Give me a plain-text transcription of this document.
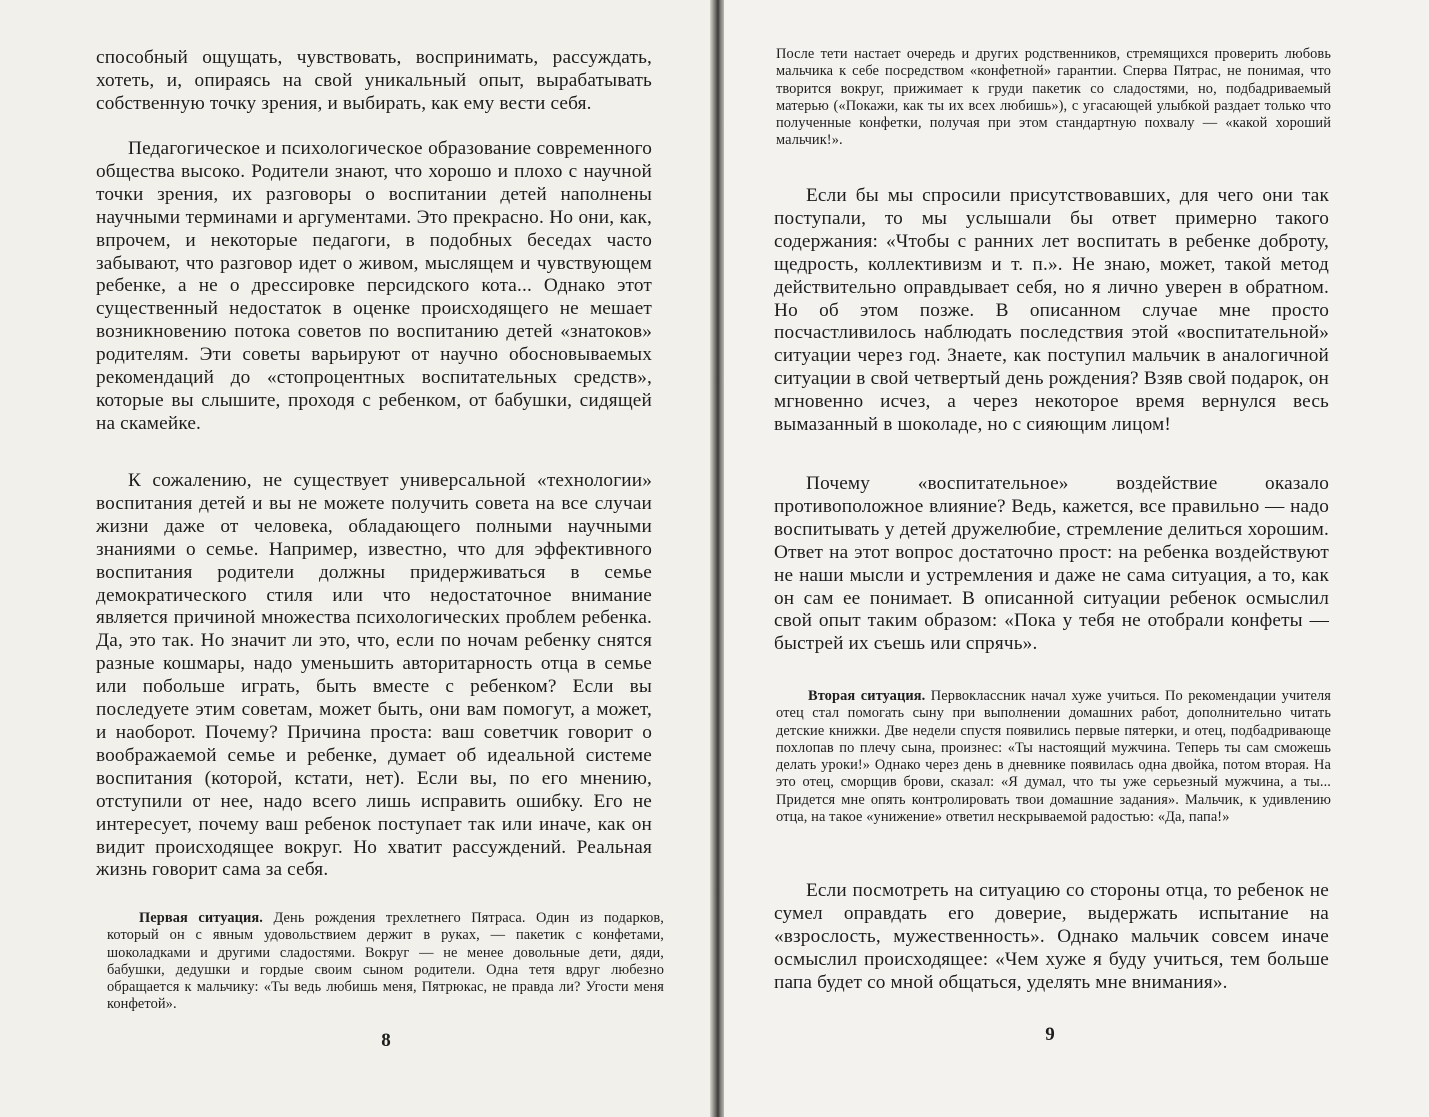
способный ощущать, чувствовать, воспринимать, рассуждать, хотеть, и, опираясь на свой уникальный опыт, вырабатывать собственную точку зрения, и выбирать, как ему вести себя.

Педагогическое и психологическое образование современного общества высоко. Родители знают, что хорошо и плохо с научной точки зрения, их разговоры о воспитании детей наполнены научными терминами и аргументами. Это прекрасно. Но они, как, впрочем, и некоторые педагоги, в подобных беседах часто забывают, что разговор идет о живом, мыслящем и чувствующем ребенке, а не о дрессировке персидского кота... Однако этот существенный недостаток в оценке происходящего не мешает возникновению потока советов по воспитанию детей «знатоков» родителям. Эти советы варьируют от научно обосновываемых рекомендаций до «стопроцентных воспитательных средств», которые вы слышите, проходя с ребенком, от бабушки, сидящей на скамейке.

К сожалению, не существует универсальной «технологии» воспитания детей и вы не можете получить совета на все случаи жизни даже от человека, обладающего полными научными знаниями о семье. Например, известно, что для эффективного воспитания родители должны придерживаться в семье демократического стиля или что недостаточное внимание является причиной множества психологических проблем ребенка. Да, это так. Но значит ли это, что, если по ночам ребенку снятся разные кошмары, надо уменьшить авторитарность отца в семье или побольше играть, быть вместе с ребенком? Если вы последуете этим советам, может быть, они вам помогут, а может, и наоборот. Почему? Причина проста: ваш советчик говорит о воображаемой семье и ребенке, думает об идеальной системе воспитания (которой, кстати, нет). Если вы, по его мнению, отступили от нее, надо всего лишь исправить ошибку. Его не интересует, почему ваш ребенок поступает так или иначе, как он видит происходящее вокруг. Но хватит рассуждений. Реальная жизнь говорит сама за себя.

Первая ситуация. День рождения трехлетнего Пятраса. Один из подарков, который он с явным удовольствием держит в руках, — пакетик с конфетами, шоколадками и другими сладостями. Вокруг — не менее довольные дети, дяди, бабушки, дедушки и гордые своим сыном родители. Одна тетя вдруг любезно обращается к мальчику: «Ты ведь любишь меня, Пятрюкас, не правда ли? Угости меня конфетой».

8

После тети настает очередь и других родственников, стремящихся проверить любовь мальчика к себе посредством «конфетной» гарантии. Сперва Пятрас, не понимая, что творится вокруг, прижимает к груди пакетик со сладостями, но, подбадриваемый матерью («Покажи, как ты их всех любишь»), с угасающей улыбкой раздает только что полученные конфетки, получая при этом стандартную похвалу — «какой хороший мальчик!».

Если бы мы спросили присутствовавших, для чего они так поступали, то мы услышали бы ответ примерно такого содержания: «Чтобы с ранних лет воспитать в ребенке доброту, щедрость, коллективизм и т. п.». Не знаю, может, такой метод действительно оправдывает себя, но я лично уверен в обратном. Но об этом позже. В описанном случае мне просто посчастливилось наблюдать последствия этой «воспитательной» ситуации через год. Знаете, как поступил мальчик в аналогичной ситуации в свой четвертый день рождения? Взяв свой подарок, он мгновенно исчез, а через некоторое время вернулся весь вымазанный в шоколаде, но с сияющим лицом!

Почему «воспитательное» воздействие оказало противоположное влияние? Ведь, кажется, все правильно — надо воспитывать у детей дружелюбие, стремление делиться хорошим. Ответ на этот вопрос достаточно прост: на ребенка воздействуют не наши мысли и устремления и даже не сама ситуация, а то, как он сам ее понимает. В описанной ситуации ребенок осмыслил свой опыт таким образом: «Пока у тебя не отобрали конфеты — быстрей их съешь или спрячь».

Вторая ситуация. Первоклассник начал хуже учиться. По рекомендации учителя отец стал помогать сыну при выполнении домашних работ, дополнительно читать детские книжки. Две недели спустя появились первые пятерки, и отец, подбадривающе похлопав по плечу сына, произнес: «Ты настоящий мужчина. Теперь ты сам сможешь делать уроки!» Однако через день в дневнике появилась одна двойка, потом вторая. На это отец, сморщив брови, сказал: «Я думал, что ты уже серьезный мужчина, а ты... Придется мне опять контролировать твои домашние задания». Мальчик, к удивлению отца, на такое «унижение» ответил нескрываемой радостью: «Да, папа!»

Если посмотреть на ситуацию со стороны отца, то ребенок не сумел оправдать его доверие, выдержать испытание на «взрослость, мужественность». Однако мальчик совсем иначе осмыслил происходящее: «Чем хуже я буду учиться, тем больше папа будет со мной общаться, уделять мне внимания».

9
